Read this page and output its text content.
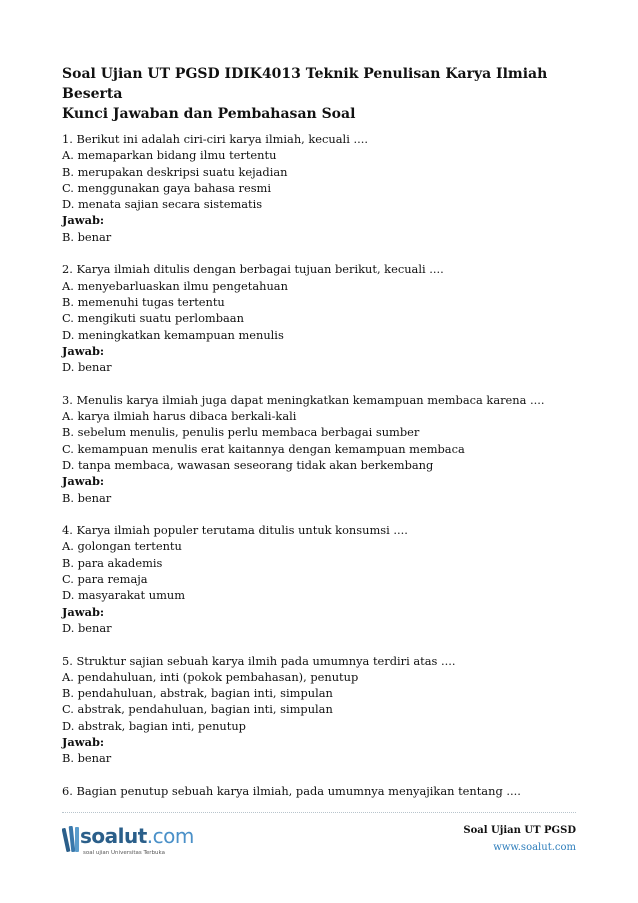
Soal Ujian UT PGSD IDIK4013 Teknik Penulisan Karya Ilmiah Beserta
Kunci Jawaban dan Pembahasan Soal
1. Berikut ini adalah ciri-ciri karya ilmiah, kecuali ....
A. memaparkan bidang ilmu tertentu
B. merupakan deskripsi suatu kejadian
C. menggunakan gaya bahasa resmi
D. menata sajian secara sistematis
Jawab:
B. benar
2. Karya ilmiah ditulis dengan berbagai tujuan berikut, kecuali ....
A. menyebarluaskan ilmu pengetahuan
B. memenuhi tugas tertentu
C. mengikuti suatu perlombaan
D. meningkatkan kemampuan menulis
Jawab:
D. benar
3. Menulis karya ilmiah juga dapat meningkatkan kemampuan membaca karena ....
A. karya ilmiah harus dibaca berkali-kali
B. sebelum menulis, penulis perlu membaca berbagai sumber
C. kemampuan menulis erat kaitannya dengan kemampuan membaca
D. tanpa membaca, wawasan seseorang tidak akan berkembang
Jawab:
B. benar
4. Karya ilmiah populer terutama ditulis untuk konsumsi ....
A. golongan tertentu
B. para akademis
C. para remaja
D. masyarakat umum
Jawab:
D. benar
5. Struktur sajian sebuah karya ilmih pada umumnya terdiri atas ....
A. pendahuluan, inti (pokok pembahasan), penutup
B. pendahuluan, abstrak, bagian inti, simpulan
C. abstrak, pendahuluan, bagian inti, simpulan
D. abstrak, bagian inti, penutup
Jawab:
B. benar
6. Bagian penutup sebuah karya ilmiah, pada umumnya menyajikan tentang ....
soalut.com
soal ujian Universitas Terbuka
Soal Ujian UT PGSD
www.soalut.com
